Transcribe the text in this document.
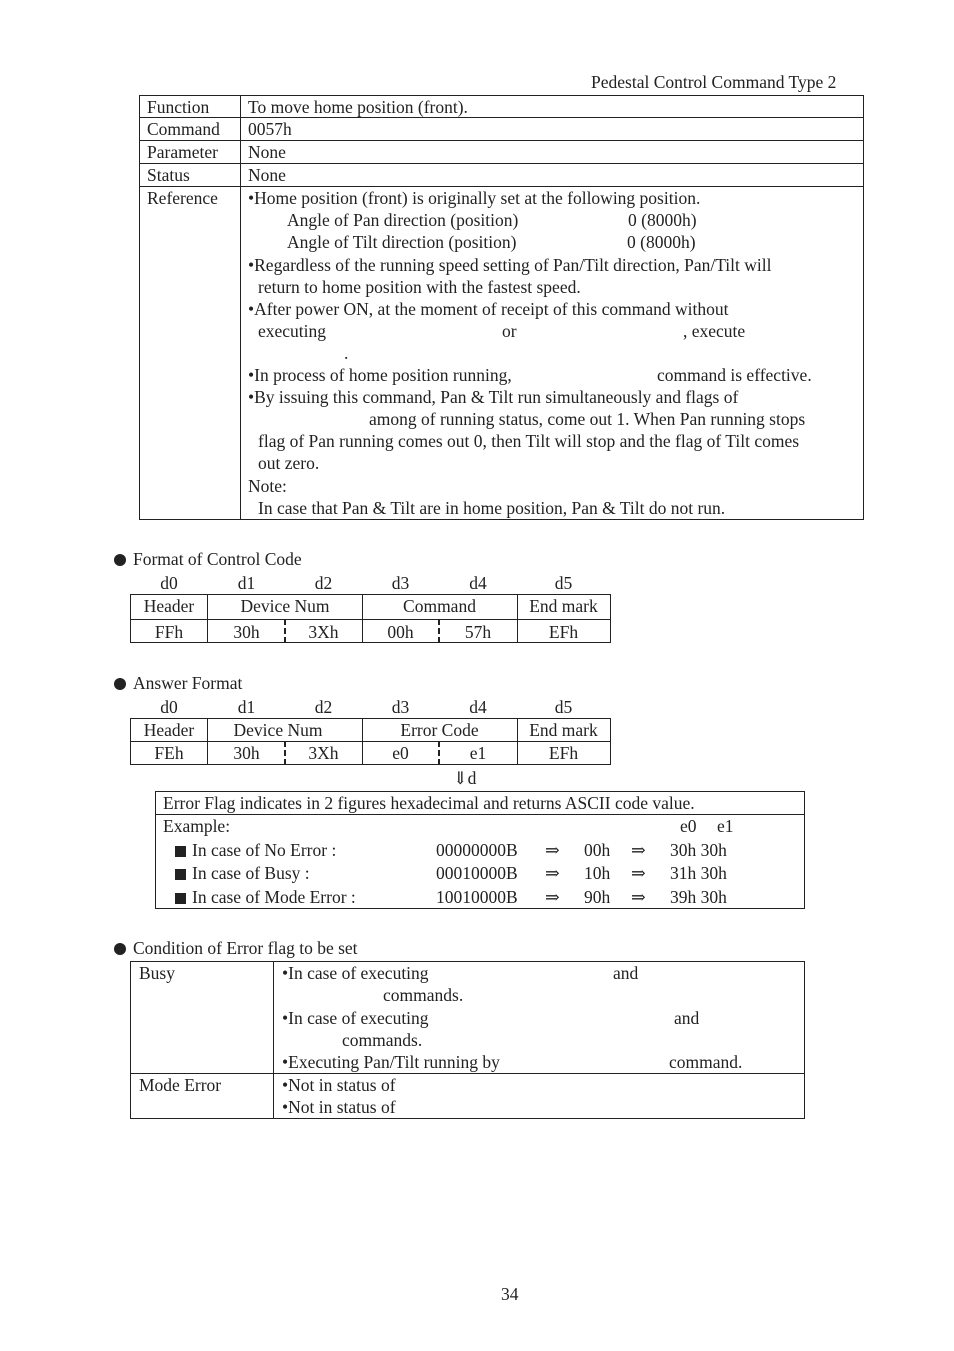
Pedestal Control Command Type 2
Function To move home position (front).
Command 0057h
Parameter None
Status	None
Reference •Home position (front) is originally set at the following position.
Angle of Pan direction (position)	0 (8000h)
Angle of Tilt direction (position)	0 (8000h)
•Regardless of the running speed setting of Pan/Tilt direction, Pan/Tilt will
return to home position with the fastest speed.
•After power ON, at the moment of receipt of this command without
executing	or	, execute
.
•In process of home position running,	command is effective.
•By issuing this command, Pan & Tilt run simultaneously and flags of
among of running status, come out 1. When Pan running stops
flag of Pan running comes out 0, then Tilt will stop and the flag of Tilt comes
out zero.
Note:
In case that Pan & Tilt are in home position, Pan & Tilt do not run.
Format of Control Code
d0	d1	d2	d3	d4	d5
Header	Device Num	Command	End mark
FFh	30h	3Xh	00h	57h	EFh
Answer Format
d0	d1	d2	d3	d4	d5
Header	Device Num	Error Code	End mark
FEh	30h	3Xh	e0	e1	EFh
⇓d
Error Flag indicates in 2 figures hexadecimal and returns ASCII code value.
Example:	e0 e1
In case of No Error :	00000000B ⇒ 00h ⇒ 30h 30h
In case of Busy :	00010000B ⇒ 10h ⇒ 31h 30h
In case of Mode Error :	10010000B ⇒ 90h ⇒ 39h 30h
Condition of Error flag to be set
Busy	•In case of executing	and
commands.
•In case of executing	and
commands.
•Executing Pan/Tilt running by	command.
Mode Error	•Not in status of
•Not in status of
34
